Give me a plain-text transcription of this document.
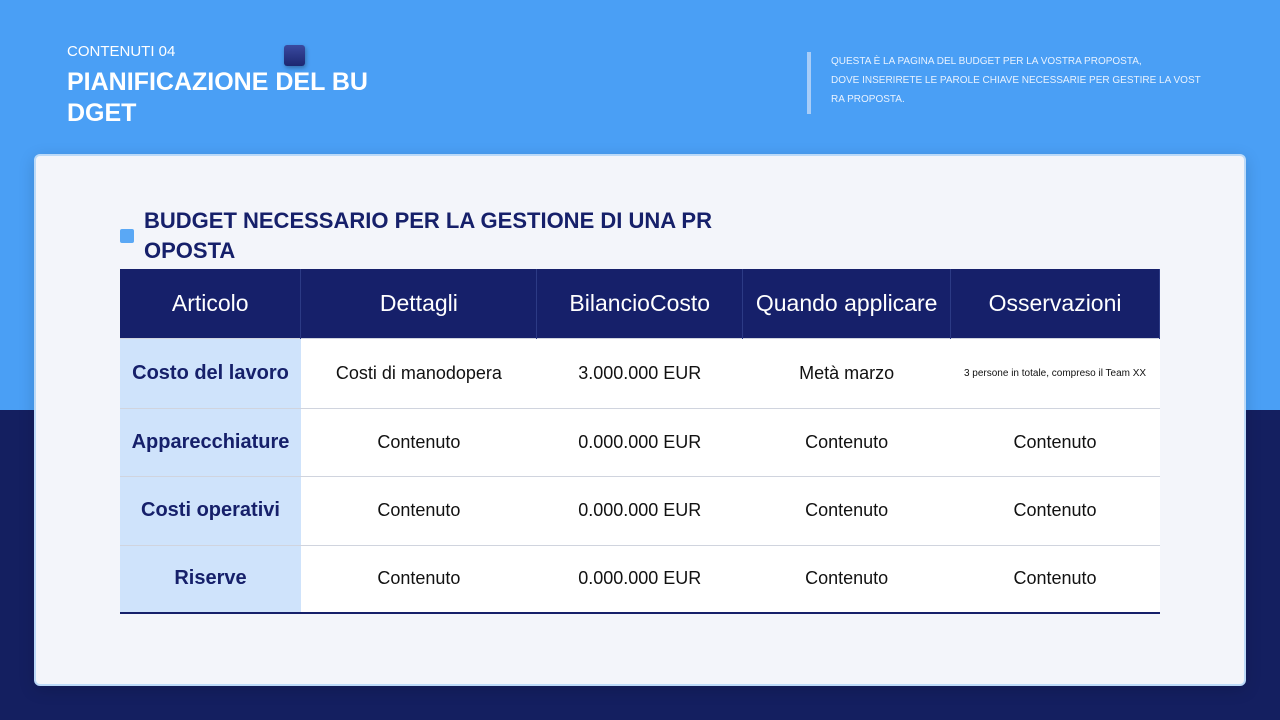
CONTENUTI 04
PIANIFICAZIONE DEL BUDGET
QUESTA È LA PAGINA DEL BUDGET PER LA VOSTRA PROPOSTA,
DOVE INSERIRETE LE PAROLE CHIAVE NECESSARIE PER GESTIRE LA VOSTRA PROPOSTA.
BUDGET NECESSARIO PER LA GESTIONE DI UNA PROPOSTA
Articolo	Dettagli	BilancioCosto	Quando applicare	Osservazioni
Costo del lavoro	Costi di manodopera	3.000.000 EUR	Metà marzo	3 persone in totale, compreso il Team XX
Apparecchiature	Contenuto	0.000.000 EUR	Contenuto	Contenuto
Costi operativi	Contenuto	0.000.000 EUR	Contenuto	Contenuto
Riserve	Contenuto	0.000.000 EUR	Contenuto	Contenuto
